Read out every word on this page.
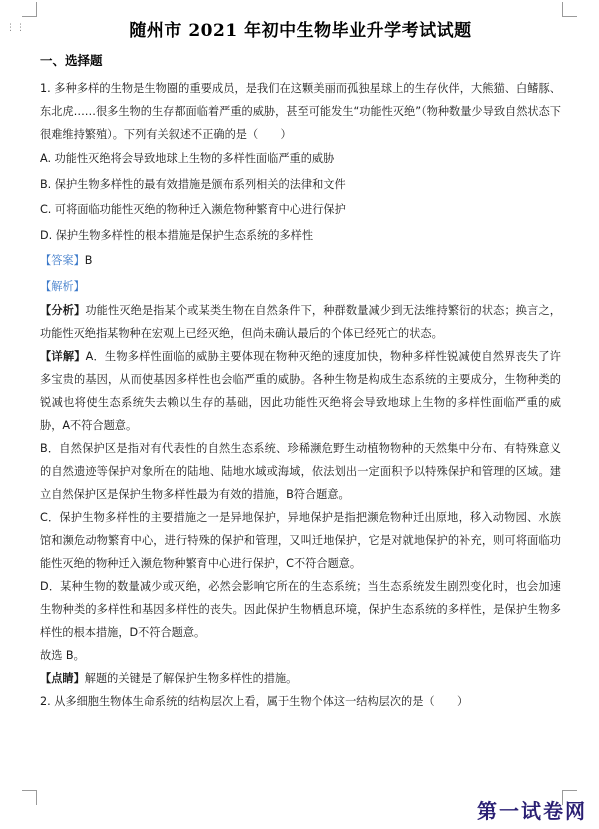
⋮⋮	随州市 2021 年初中生物毕业升学考试试题
一、选择题

1. 多种多样的生物是生物圈的重要成员，是我们在这颗美丽而孤独星球上的生存伙伴，大熊猫、白鳍豚、东北虎……很多生物的生存都面临着严重的威胁，甚至可能发生“功能性灭绝”（物种数量少导致自然状态下很难维持繁殖）。下列有关叙述不正确的是（　　）

A. 功能性灭绝将会导致地球上生物的多样性面临严重的威胁
B. 保护生物多样性的最有效措施是颁布系列相关的法律和文件
C. 可将面临功能性灭绝的物种迁入濒危物种繁育中心进行保护
D. 保护生物多样性的根本措施是保护生态系统的多样性
【答案】B
【解析】

【分析】功能性灭绝是指某个或某类生物在自然条件下，种群数量减少到无法维持繁衍的状态；换言之，功能性灭绝指某物种在宏观上已经灭绝，但尚未确认最后的个体已经死亡的状态。

【详解】A．生物多样性面临的威胁主要体现在物种灭绝的速度加快，物种多样性锐减使自然界丧失了许多宝贵的基因，从而使基因多样性也会临严重的威胁。各种生物是构成生态系统的主要成分，生物种类的锐减也将使生态系统失去赖以生存的基础，因此功能性灭绝将会导致地球上生物的多样性面临严重的威胁，A不符合题意。

B．自然保护区是指对有代表性的自然生态系统、珍稀濒危野生动植物物种的天然集中分布、有特殊意义的自然遗迹等保护对象所在的陆地、陆地水域或海域，依法划出一定面积予以特殊保护和管理的区域。建立自然保护区是保护生物多样性最为有效的措施，B符合题意。

C．保护生物多样性的主要措施之一是异地保护，异地保护是指把濒危物种迁出原地，移入动物园、水族馆和濒危动物繁育中心，进行特殊的保护和管理，又叫迁地保护，它是对就地保护的补充，则可将面临功能性灭绝的物种迁入濒危物种繁育中心进行保护，C不符合题意。

D．某种生物的数量减少或灭绝，必然会影响它所在的生态系统；当生态系统发生剧烈变化时，也会加速生物种类的多样性和基因多样性的丧失。因此保护生物栖息环境，保护生态系统的多样性，是保护生物多样性的根本措施，D不符合题意。

故选 B。

【点睛】解题的关键是了解保护生物多样性的措施。

2. 从多细胞生物体生命系统的结构层次上看，属于生物个体这一结构层次的是（　　）

第一试卷网
